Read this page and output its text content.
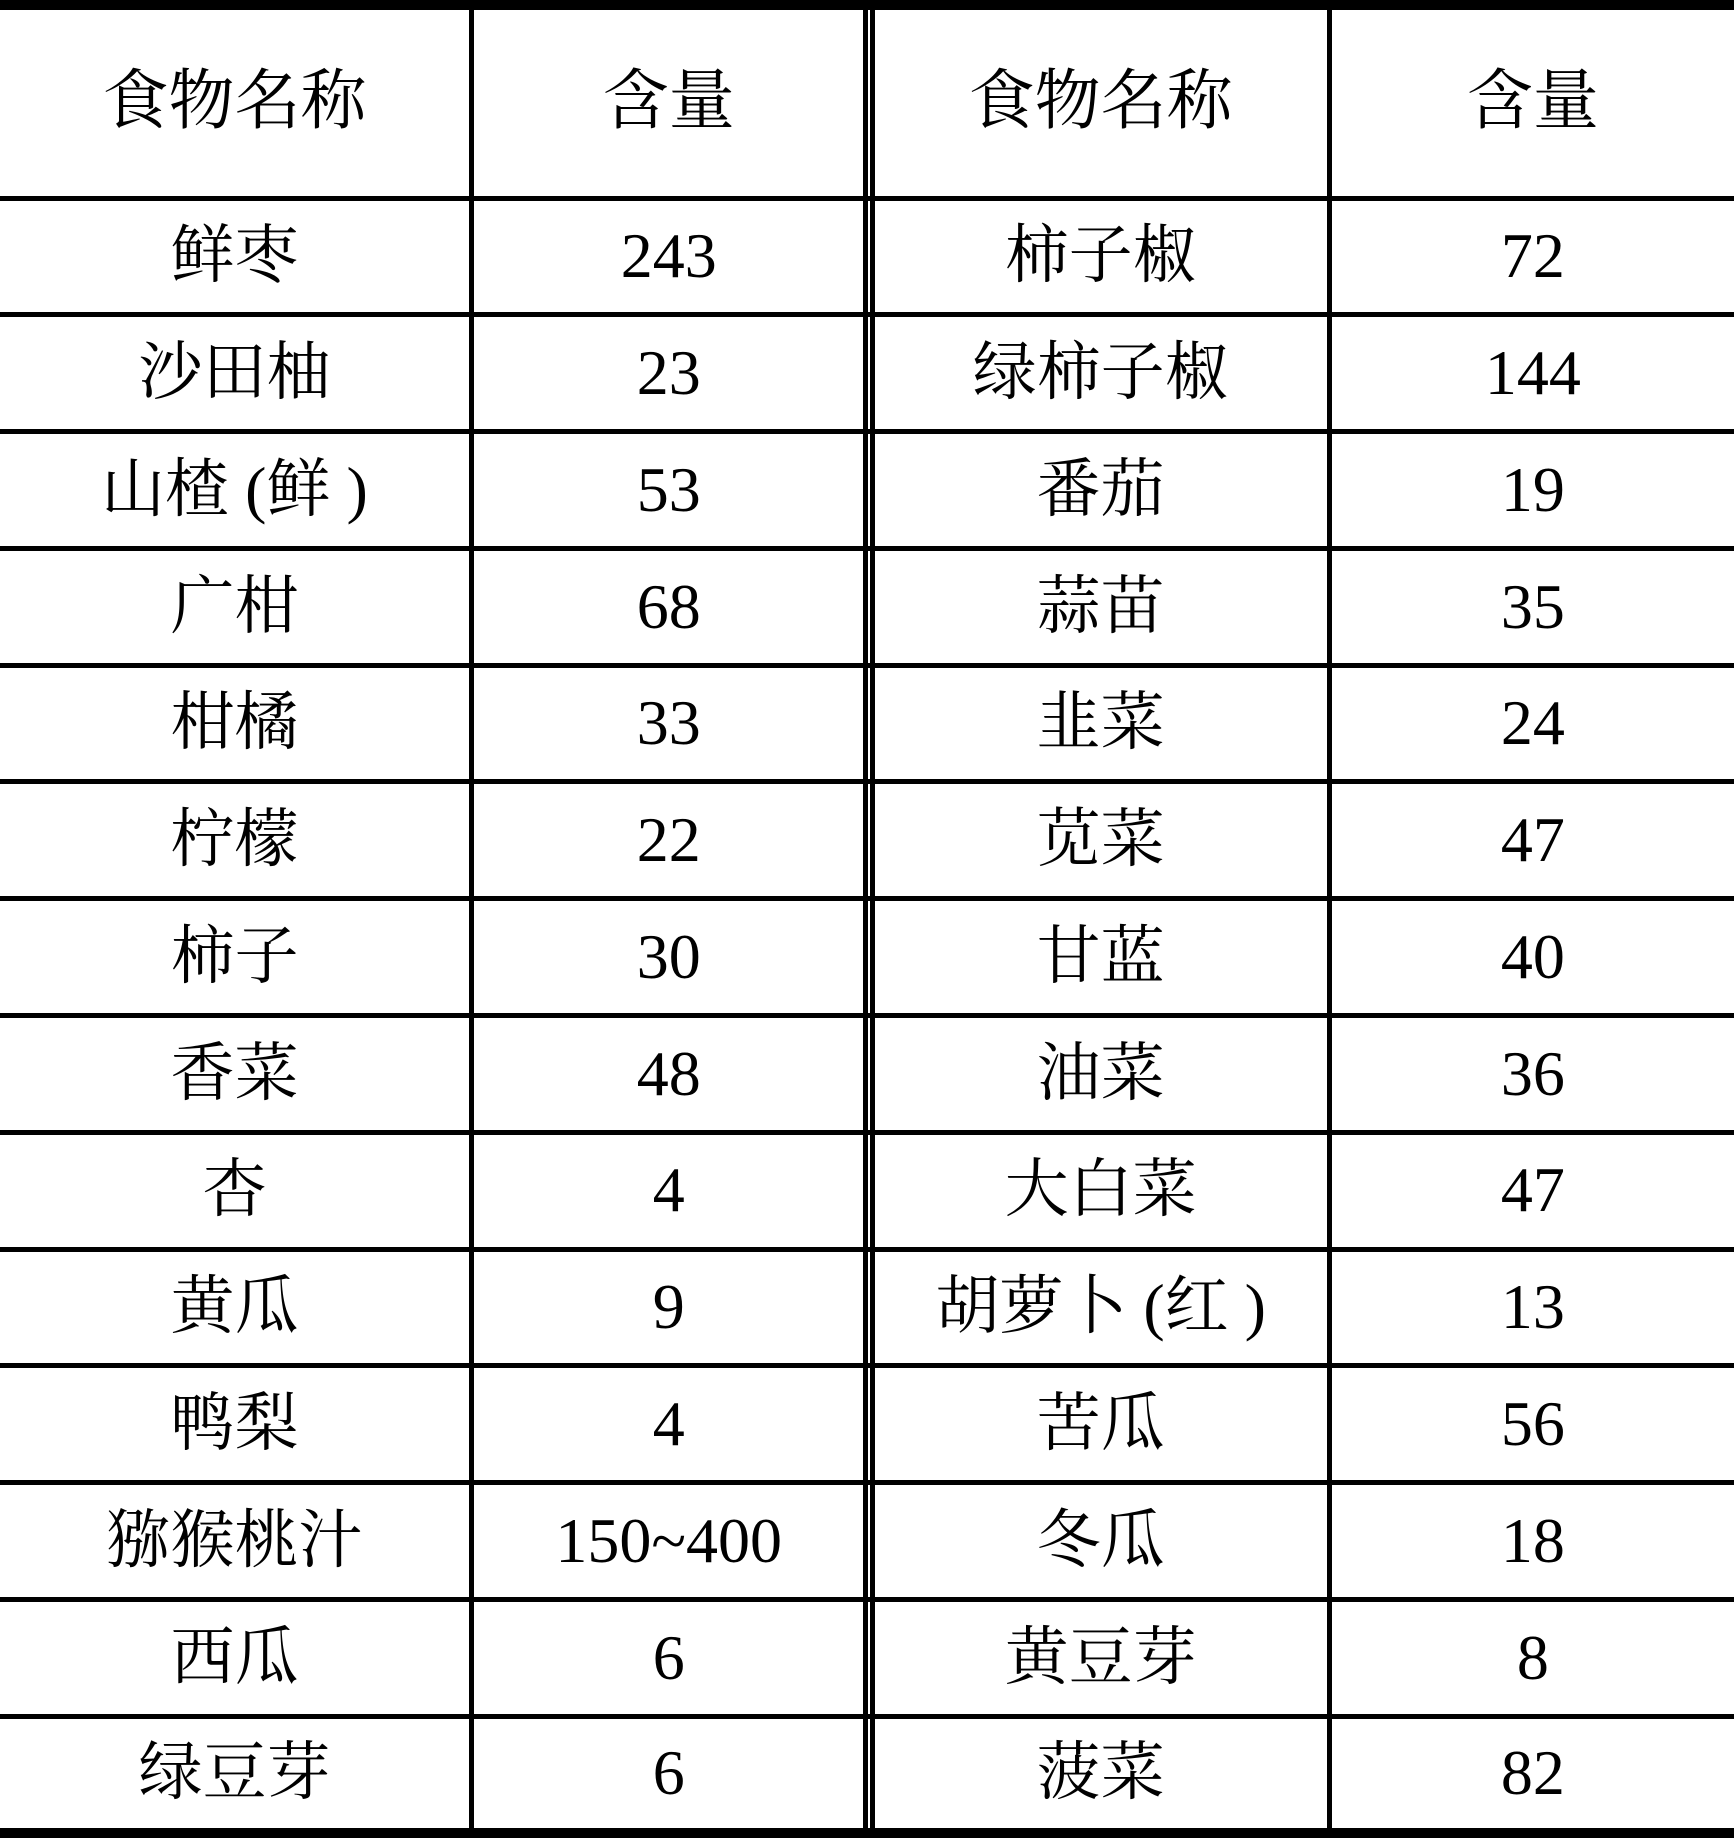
食物名称	含量		食物名称	含量
鲜枣	243		柿子椒	72
沙田柚	23		绿柿子椒	144
山楂 (鲜 )	53		番茄	19
广柑	68		蒜苗	35
柑橘	33		韭菜	24
柠檬	22		苋菜	47
柿子	30		甘蓝	40
香菜	48		油菜	36
杏	4		大白菜	47
黄瓜	9		胡萝卜 (红 )	13
鸭梨	4		苦瓜	56
猕猴桃汁	150~400		冬瓜	18
西瓜	6		黄豆芽	8
绿豆芽	6		菠菜	82
